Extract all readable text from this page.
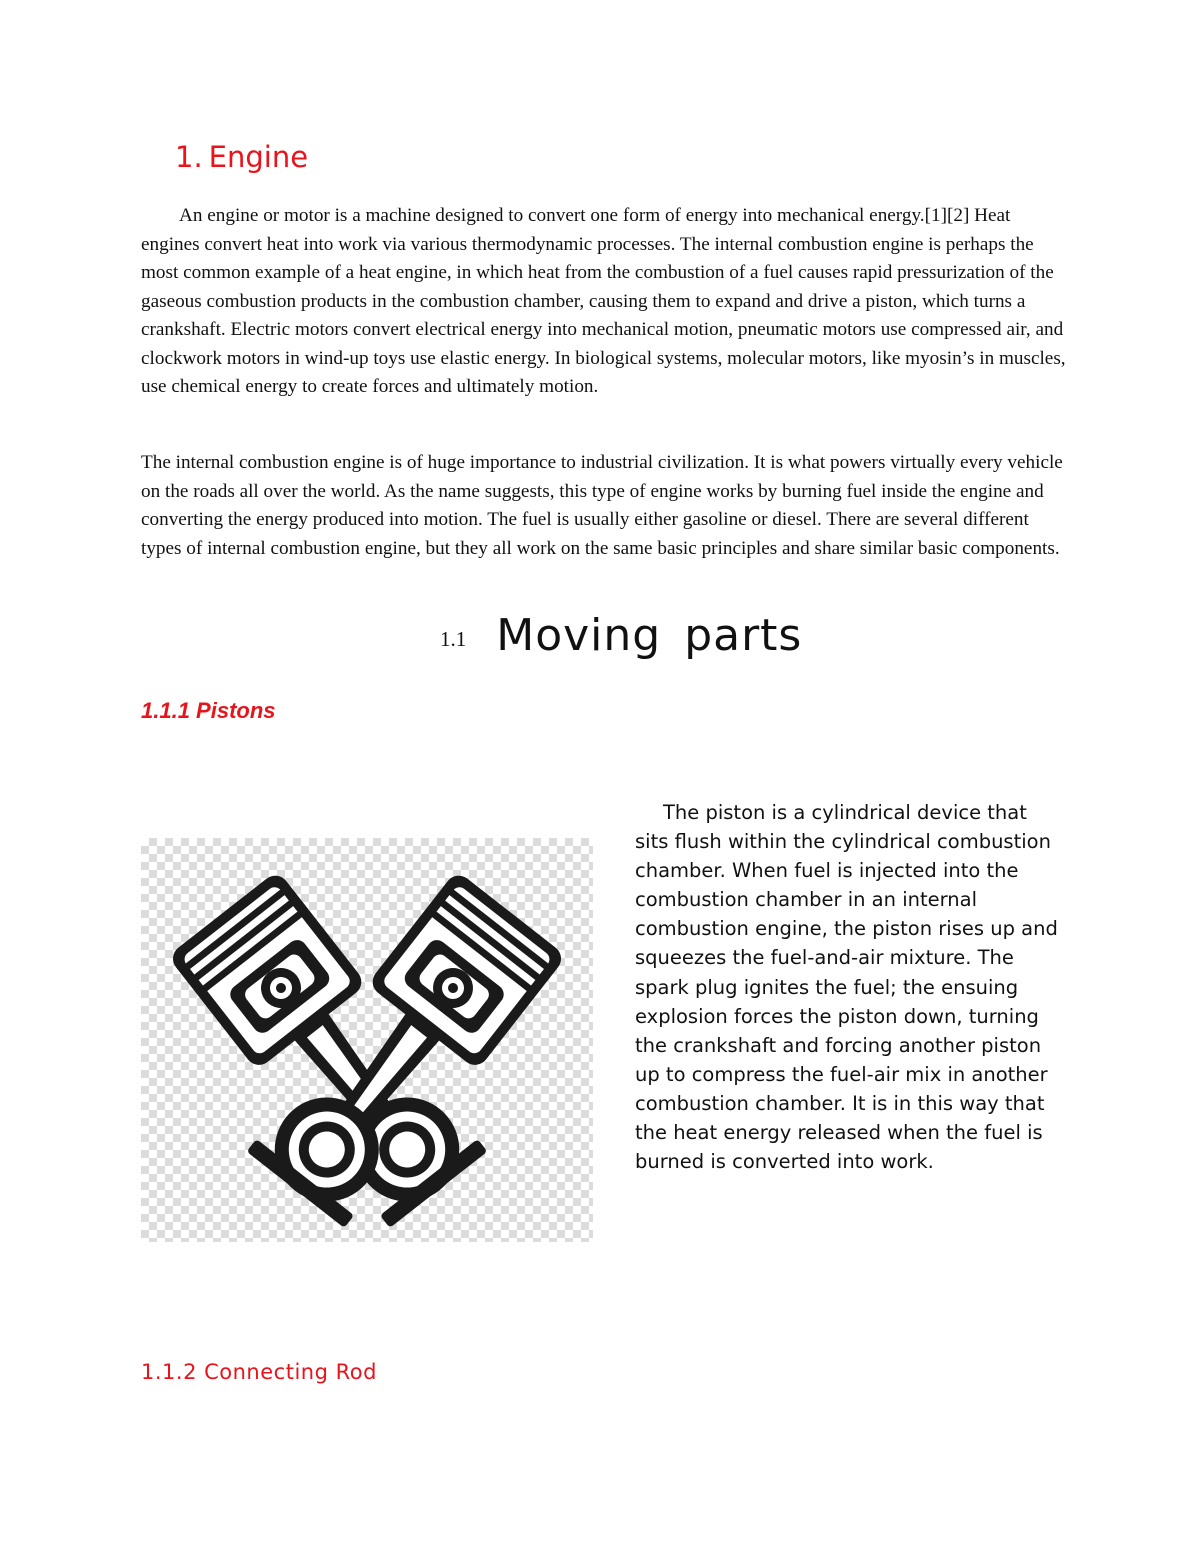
1. Engine

An engine or motor is a machine designed to convert one form of energy into mechanical energy.[1][2] Heat engines convert heat into work via various thermodynamic processes. The internal combustion engine is perhaps the most common example of a heat engine, in which heat from the combustion of a fuel causes rapid pressurization of the gaseous combustion products in the combustion chamber, causing them to expand and drive a piston, which turns a crankshaft. Electric motors convert electrical energy into mechanical motion, pneumatic motors use compressed air, and clockwork motors in wind-up toys use elastic energy. In biological systems, molecular motors, like myosin’s in muscles, use chemical energy to create forces and ultimately motion.

The internal combustion engine is of huge importance to industrial civilization. It is what powers virtually every vehicle on the roads all over the world. As the name suggests, this type of engine works by burning fuel inside the engine and converting the energy produced into motion. The fuel is usually either gasoline or diesel. There are several different types of internal combustion engine, but they all work on the same basic principles and share similar basic components.

1.1 Moving parts
1.1.1 Pistons

The piston is a cylindrical device that sits flush within the cylindrical combustion chamber. When fuel is injected into the combustion chamber in an internal combustion engine, the piston rises up and squeezes the fuel-and-air mixture. The spark plug ignites the fuel; the ensuing explosion forces the piston down, turning the crankshaft and forcing another piston up to compress the fuel-air mix in another combustion chamber. It is in this way that the heat energy released when the fuel is burned is converted into work.

1.1.2 Connecting Rod
